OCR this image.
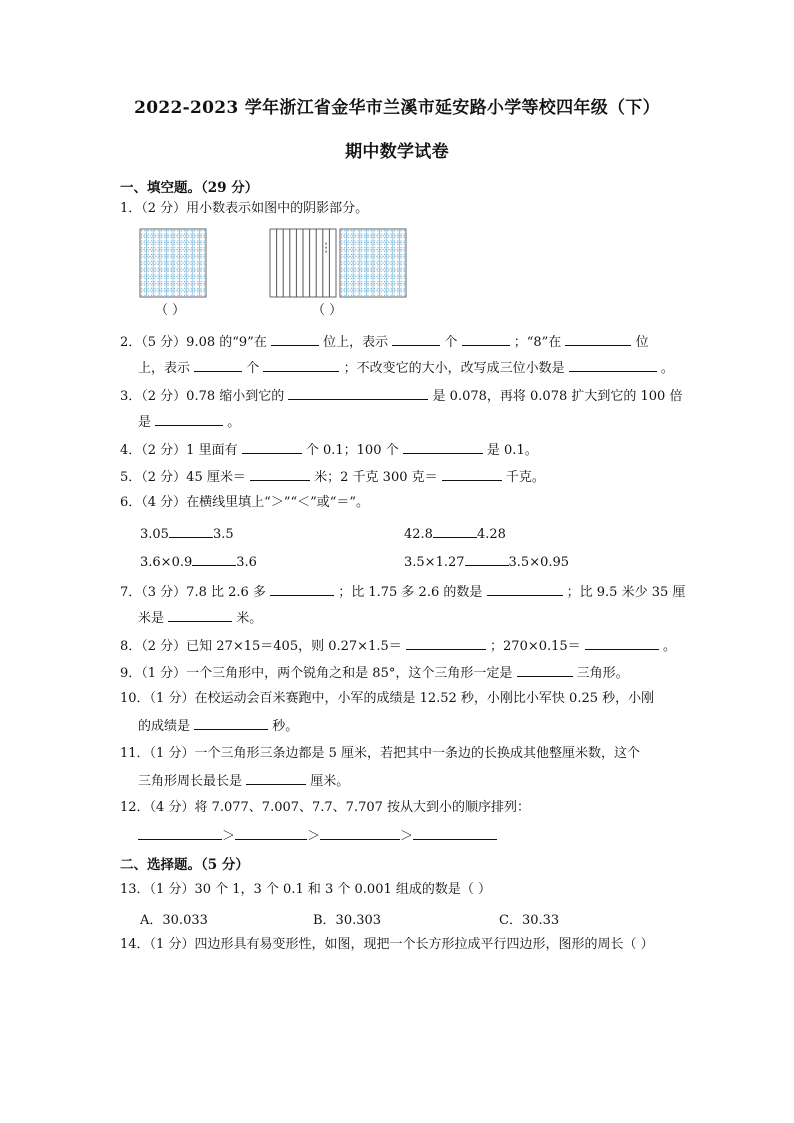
2022-2023 学年浙江省金华市兰溪市延安路小学等校四年级（下）
期中数学试卷
一、填空题。（29 分）
1．（2 分）用小数表示如图中的阴影部分。
（ ）	（ ）
2．（5 分）9.08 的“9”在	位上，表示	个	；“8”在	位
上，表示	个	；不改变它的大小，改写成三位小数是	。
3．（2 分）0.78 缩小到它的	是 0.078，再将 0.078 扩大到它的 100 倍
是	。
4．（2 分）1 里面有	个 0.1；100 个	是 0.1。
5．（2 分）45 厘米＝	米；2 千克 300 克＝	千克。
6．（4 分）在横线里填上“＞”“＜”或“＝”。
3.05	3.5	42.8	4.28
3.6×0.9	3.6	3.5×1.27	3.5×0.95
7．（3 分）7.8 比 2.6 多	；比 1.75 多 2.6 的数是	；比 9.5 米少 35 厘
米是	米。
8．（2 分）已知 27×15＝405，则 0.27×1.5＝	；270×0.15＝	。
9．（1 分）一个三角形中，两个锐角之和是 85°，这个三角形一定是	三角形。
10．（1 分）在校运动会百米赛跑中，小军的成绩是 12.52 秒，小刚比小军快 0.25 秒，小刚
的成绩是	秒。
11．（1 分）一个三角形三条边都是 5 厘米，若把其中一条边的长换成其他整厘米数，这个
三角形周长最长是	厘米。
12．（4 分）将 7.077、7.007、7.7、7.707 按从大到小的顺序排列：
＞	＞	＞
二、选择题。（5 分）
13．（1 分）30 个 1，3 个 0.1 和 3 个 0.001 组成的数是（ ）
A．30.033	B．30.303	C．30.33
14．（1 分）四边形具有易变形性，如图，现把一个长方形拉成平行四边形，图形的周长（ ）
